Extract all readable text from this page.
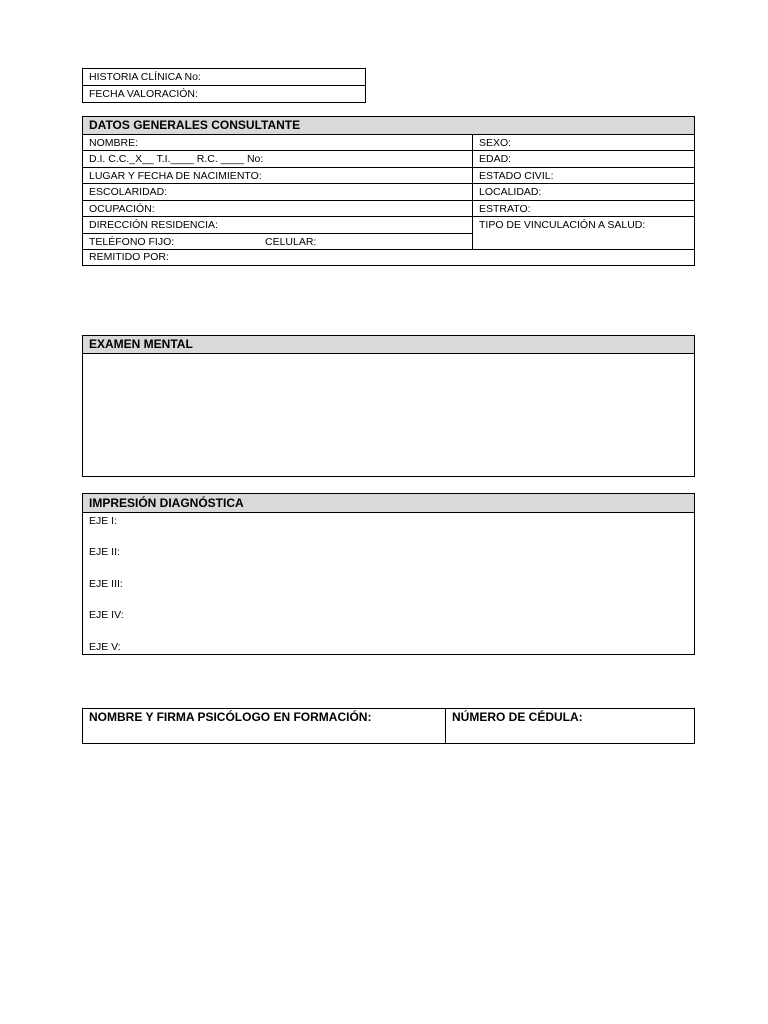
HISTORIA CLÍNICA No:
FECHA VALORACIÓN:
DATOS GENERALES CONSULTANTE
NOMBRE:	SEXO:
D.I. C.C._X__ T.I.____ R.C. ____ No:	EDAD:
LUGAR Y FECHA DE NACIMIENTO:	ESTADO CIVIL:
ESCOLARIDAD:	LOCALIDAD:
OCUPACIÓN:	ESTRATO:
DIRECCIÓN RESIDENCIA:	TIPO DE VINCULACIÓN A SALUD:
TELÉFONO FIJO:	CELULAR:
REMITIDO POR:
EXAMEN MENTAL
IMPRESIÓN DIAGNÓSTICA
EJE I:
EJE II:
EJE III:
EJE IV:
EJE V:
NOMBRE Y FIRMA PSICÓLOGO EN FORMACIÓN:	NÚMERO DE CÉDULA:
